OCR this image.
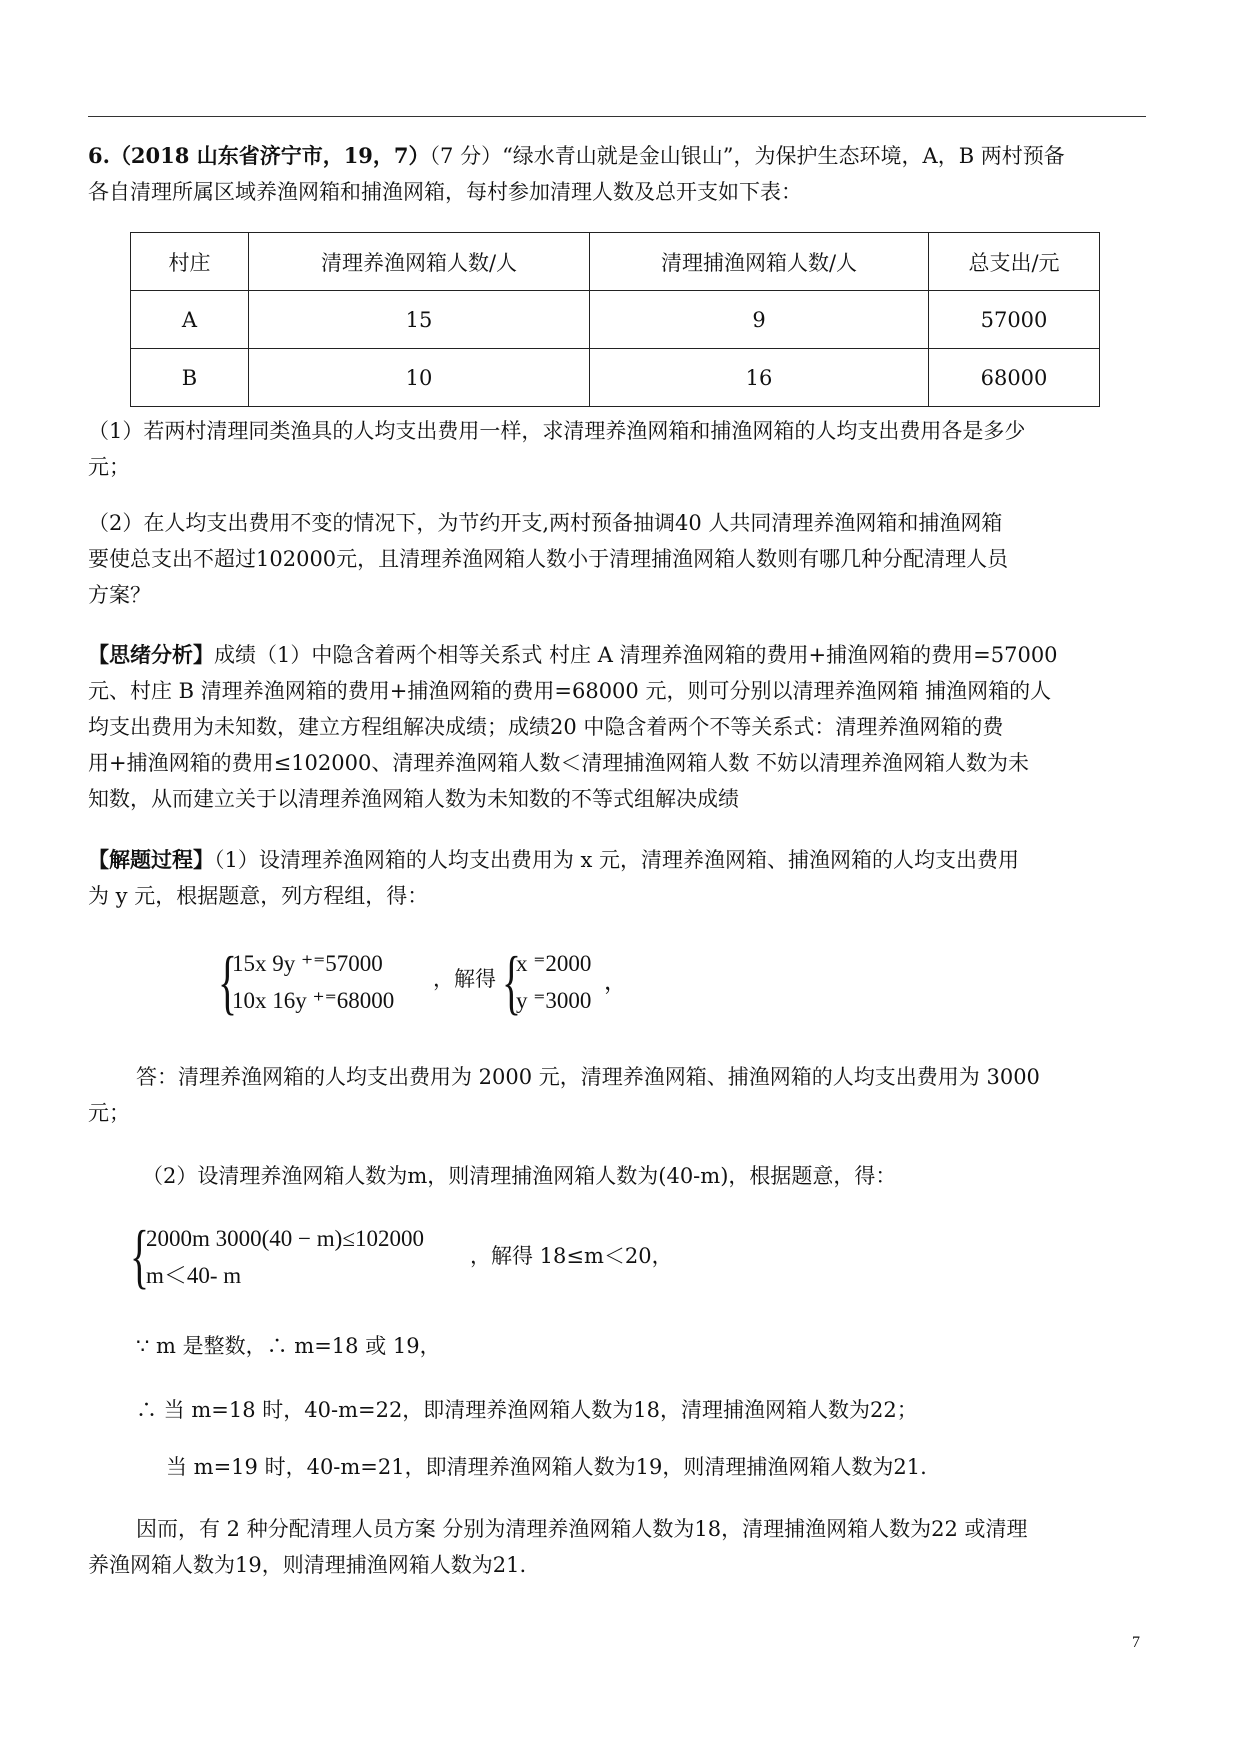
6.（2018 山东省济宁市，19，7）（7 分）“绿水青山就是金山银山”，为保护生态环境，A，B 两村预备
各自清理所属区域养渔网箱和捕渔网箱，每村参加清理人数及总开支如下表：
村庄	清理养渔网箱人数/人	清理捕渔网箱人数/人	总支出/元
A	15	9	57000
B	10	16	68000
（1）若两村清理同类渔具的人均支出费用一样，求清理养渔网箱和捕渔网箱的人均支出费用各是多少
元；
（2）在人均支出费用不变的情况下，为节约开支,两村预备抽调40 人共同清理养渔网箱和捕渔网箱
要使总支出不超过102000元，且清理养渔网箱人数小于清理捕渔网箱人数则有哪几种分配清理人员
方案？
【思绪分析】成绩（1）中隐含着两个相等关系式 村庄 A 清理养渔网箱的费用+捕渔网箱的费用=57000
元、村庄 B 清理养渔网箱的费用+捕渔网箱的费用=68000 元，则可分别以清理养渔网箱 捕渔网箱的人
均支出费用为未知数，建立方程组解决成绩；成绩20 中隐含着两个不等关系式：清理养渔网箱的费
用+捕渔网箱的费用≤102000、清理养渔网箱人数＜清理捕渔网箱人数 不妨以清理养渔网箱人数为未
知数，从而建立关于以清理养渔网箱人数为未知数的不等式组解决成绩
【解题过程】（1）设清理养渔网箱的人均支出费用为 x 元，清理养渔网箱、捕渔网箱的人均支出费用
为 y 元，根据题意，列方程组，得：
{
15x 9y ⁺⁼57000
10x 16y ⁺⁼68000
，解得 {
x ⁼2000
y ⁼3000
，
答：清理养渔网箱的人均支出费用为 2000 元，清理养渔网箱、捕渔网箱的人均支出费用为 3000
元；
（2）设清理养渔网箱人数为m，则清理捕渔网箱人数为(40-m)，根据题意，得：
{
2000m 3000(40 − m)≤102000
m＜40- m
，解得 18≤m＜20，
∵ m 是整数，∴ m=18 或 19，
∴ 当 m=18 时，40-m=22，即清理养渔网箱人数为18，清理捕渔网箱人数为22；
当 m=19 时，40-m=21，即清理养渔网箱人数为19，则清理捕渔网箱人数为21.
因而，有 2 种分配清理人员方案 分别为清理养渔网箱人数为18，清理捕渔网箱人数为22 或清理
养渔网箱人数为19，则清理捕渔网箱人数为21.
7
